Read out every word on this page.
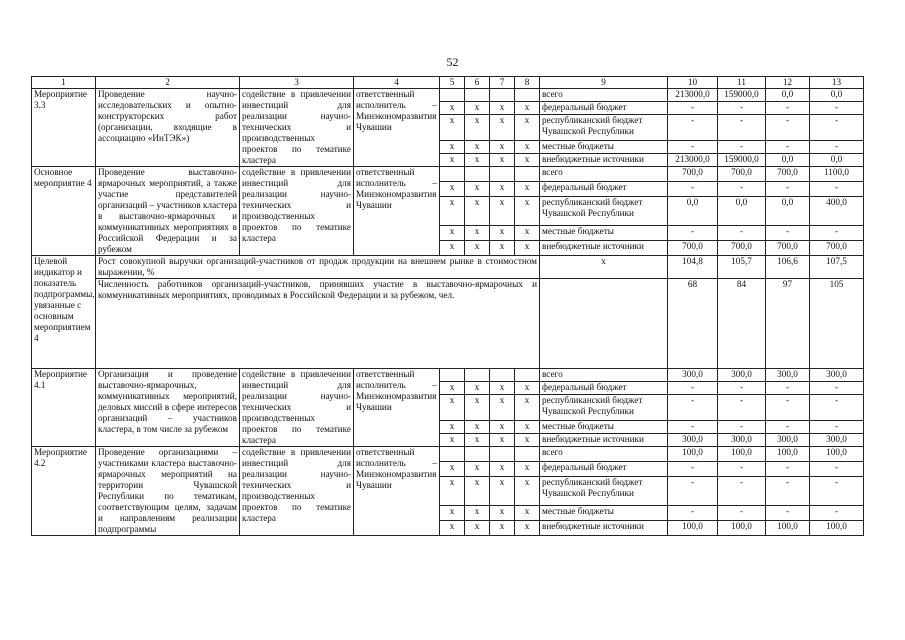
52
1	2	3	4	5	6	7	8	9	10	11	12	13
Мероприятие 3.3	Проведение научно-исследовательских и опытно-конструкторских работ (организации, входящие в ассоциацию «ИнТЭК»)	содействие в привлечении инвестиций для реализации научно-технических и производственных проектов по тематике кластера	ответственный исполнитель – Минэкономразвития Чувашии					всего	213000,0	159000,0	0,0	0,0
				х	х	х	х	федеральный бюджет	-	-	-	-
				х	х	х	х	республиканский бюджет Чувашской Республики	-	-	-	-
				х	х	х	х	местные бюджеты	-	-	-	-
				х	х	х	х	внебюджетные источники	213000,0	159000,0	0,0	0,0
Основное мероприятие 4	Проведение выставочно-ярмарочных мероприятий, а также участие представителей организаций – участников кластера в выставочно-ярмарочных и коммуникативных мероприятиях в Российской Федерации и за рубежом	содействие в привлечении инвестиций для реализации научно-технических и производственных проектов по тематике кластера	ответственный исполнитель – Минэкономразвития Чувашии					всего	700,0	700,0	700,0	1100,0
				х	х	х	х	федеральный бюджет	-	-	-	-
				х	х	х	х	республиканский бюджет Чувашской Республики	0,0	0,0	0,0	400,0
				х	х	х	х	местные бюджеты	-	-	-	-
				х	х	х	х	внебюджетные источники	700,0	700,0	700,0	700,0
Целевой индикатор и показатель подпрограммы, увязанные с основным мероприятием 4	Рост совокупной выручки организаций-участников от продаж продукции на внешнем рынке в стоимостном выражении, %							х	104,8	105,7	106,6	107,5
	Численность работников организаций-участников, принявших участие в выставочно-ярмарочных и коммуникативных мероприятиях, проводимых в Российской Федерации и за рубежом, чел.								68	84	97	105
Мероприятие 4.1	Организация и проведение выставочно-ярмарочных, коммуникативных мероприятий, деловых миссий в сфере интересов организаций – участников кластера, в том числе за рубежом	содействие в привлечении инвестиций для реализации научно-технических и производственных проектов по тематике кластера	ответственный исполнитель – Минэкономразвития Чувашии					всего	300,0	300,0	300,0	300,0
				х	х	х	х	федеральный бюджет	-	-	-	-
				х	х	х	х	республиканский бюджет Чувашской Республики	-	-	-	-
				х	х	х	х	местные бюджеты	-	-	-	-
				х	х	х	х	внебюджетные источники	300,0	300,0	300,0	300,0
Мероприятие 4.2	Проведение организациями – участниками кластера выставочно-ярмарочных мероприятий на территории Чувашской Республики по тематикам, соответствующим целям, задачам и направлениям реализации подпрограммы	содействие в привлечении инвестиций для реализации научно-технических и производственных проектов по тематике кластера	ответственный исполнитель – Минэкономразвития Чувашии					всего	100,0	100,0	100,0	100,0
				х	х	х	х	федеральный бюджет	-	-	-	-
				х	х	х	х	республиканский бюджет Чувашской Республики	-	-	-	-
				х	х	х	х	местные бюджеты	-	-	-	-
				х	х	х	х	внебюджетные источники	100,0	100,0	100,0	100,0
